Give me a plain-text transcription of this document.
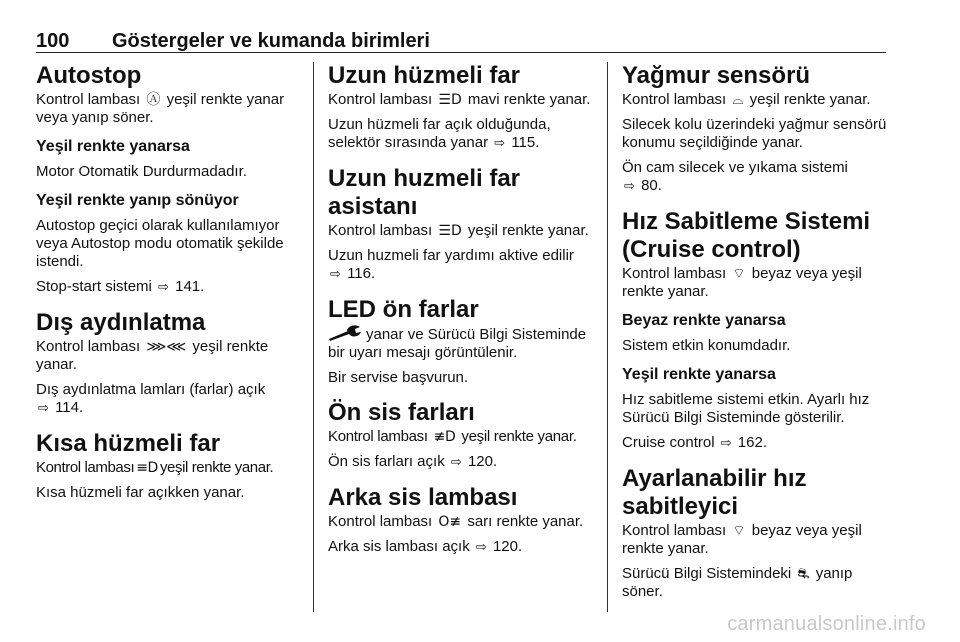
100 Göstergeler ve kumanda birimleri
Autostop

Kontrol lambası Ⓐ yeşil renkte yanar veya yanıp söner.

Yeşil renkte yanarsa

Motor Otomatik Durdurmadadır.

Yeşil renkte yanıp sönüyor

Autostop geçici olarak kullanılamıyor veya Autostop modu otomatik şekilde istendi.

Stop-start sistemi ⇨ 141.

Dış aydınlatma

Kontrol lambası ⋙⋘ yeşil renkte yanar.

Dış aydınlatma lamları (farlar) açık
⇨ 114.

Kısa hüzmeli far

Kontrol lambası ≡D yeşil renkte yanar.

Kısa hüzmeli far açıkken yanar.

Uzun hüzmeli far

Kontrol lambası ☰D mavi renkte yanar.

Uzun hüzmeli far açık olduğunda, selektör sırasında yanar ⇨ 115.

Uzun huzmeli far asistanı

Kontrol lambası ☰D yeşil renkte yanar.

Uzun huzmeli far yardımı aktive edilir
⇨ 116.

LED ön farlar

yanar ve Sürücü Bilgi Sisteminde bir uyarı mesajı görüntülenir.

Bir servise başvurun.

Ön sis farları

Kontrol lambası ≢D yeşil renkte yanar.

Ön sis farları açık ⇨ 120.

Arka sis lambası

Kontrol lambası O≢ sarı renkte yanar.

Arka sis lambası açık ⇨ 120.

Yağmur sensörü

Kontrol lambası ⌓ yeşil renkte yanar.

Silecek kolu üzerindeki yağmur sensörü konumu seçildiğinde yanar.

Ön cam silecek ve yıkama sistemi
⇨ 80.

Hız Sabitleme Sistemi (Cruise control)

Kontrol lambası ⌔ beyaz veya yeşil renkte yanar.

Beyaz renkte yanarsa

Sistem etkin konumdadır.

Yeşil renkte yanarsa

Hız sabitleme sistemi etkin. Ayarlı hız Sürücü Bilgi Sisteminde gösterilir.

Cruise control ⇨ 162.

Ayarlanabilir hız sabitleyici

Kontrol lambası ⌔ beyaz veya yeşil renkte yanar.

Sürücü Bilgi Sistemindeki ⛐ yanıp söner.

carmanualsonline.info
